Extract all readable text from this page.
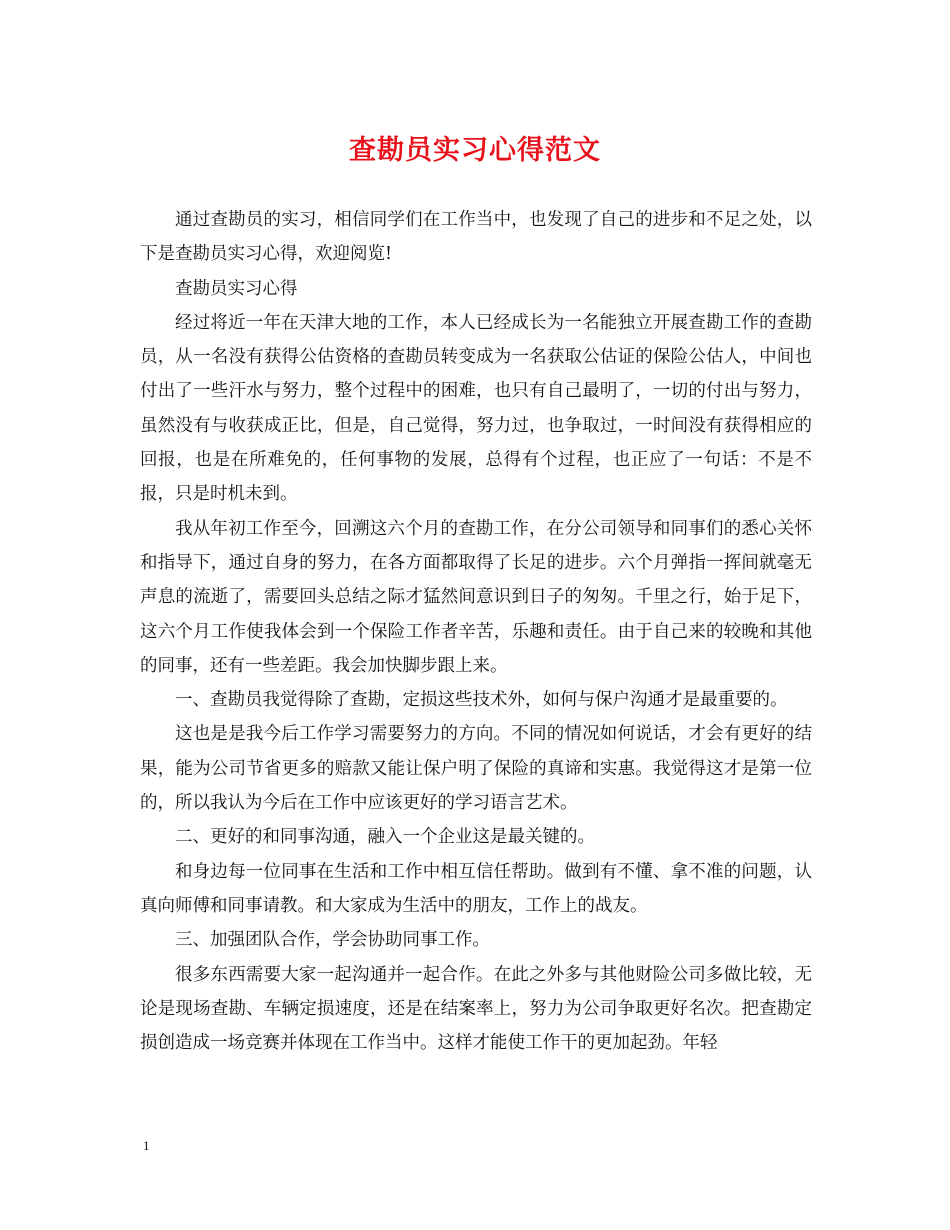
查勘员实习心得范文

通过查勘员的实习，相信同学们在工作当中，也发现了自己的进步和不足之处，以下是查勘员实习心得，欢迎阅览!

查勘员实习心得

经过将近一年在天津大地的工作，本人已经成长为一名能独立开展查勘工作的查勘员，从一名没有获得公估资格的查勘员转变成为一名获取公估证的保险公估人，中间也付出了一些汗水与努力，整个过程中的困难，也只有自己最明了，一切的付出与努力，虽然没有与收获成正比，但是，自己觉得，努力过，也争取过，一时间没有获得相应的回报，也是在所难免的，任何事物的发展，总得有个过程，也正应了一句话：不是不报，只是时机未到。

我从年初工作至今，回溯这六个月的查勘工作，在分公司领导和同事们的悉心关怀和指导下，通过自身的努力，在各方面都取得了长足的进步。六个月弹指一挥间就毫无声息的流逝了，需要回头总结之际才猛然间意识到日子的匆匆。千里之行，始于足下，这六个月工作使我体会到一个保险工作者辛苦，乐趣和责任。由于自己来的较晚和其他的同事，还有一些差距。我会加快脚步跟上来。

一、查勘员我觉得除了查勘，定损这些技术外，如何与保户沟通才是最重要的。

这也是是我今后工作学习需要努力的方向。不同的情况如何说话，才会有更好的结果，能为公司节省更多的赔款又能让保户明了保险的真谛和实惠。我觉得这才是第一位的，所以我认为今后在工作中应该更好的学习语言艺术。

二、更好的和同事沟通，融入一个企业这是最关键的。

和身边每一位同事在生活和工作中相互信任帮助。做到有不懂、拿不准的问题，认真向师傅和同事请教。和大家成为生活中的朋友，工作上的战友。

三、加强团队合作，学会协助同事工作。

很多东西需要大家一起沟通并一起合作。在此之外多与其他财险公司多做比较，无论是现场查勘、车辆定损速度，还是在结案率上，努力为公司争取更好名次。把查勘定损创造成一场竞赛并体现在工作当中。这样才能使工作干的更加起劲。年轻

1
